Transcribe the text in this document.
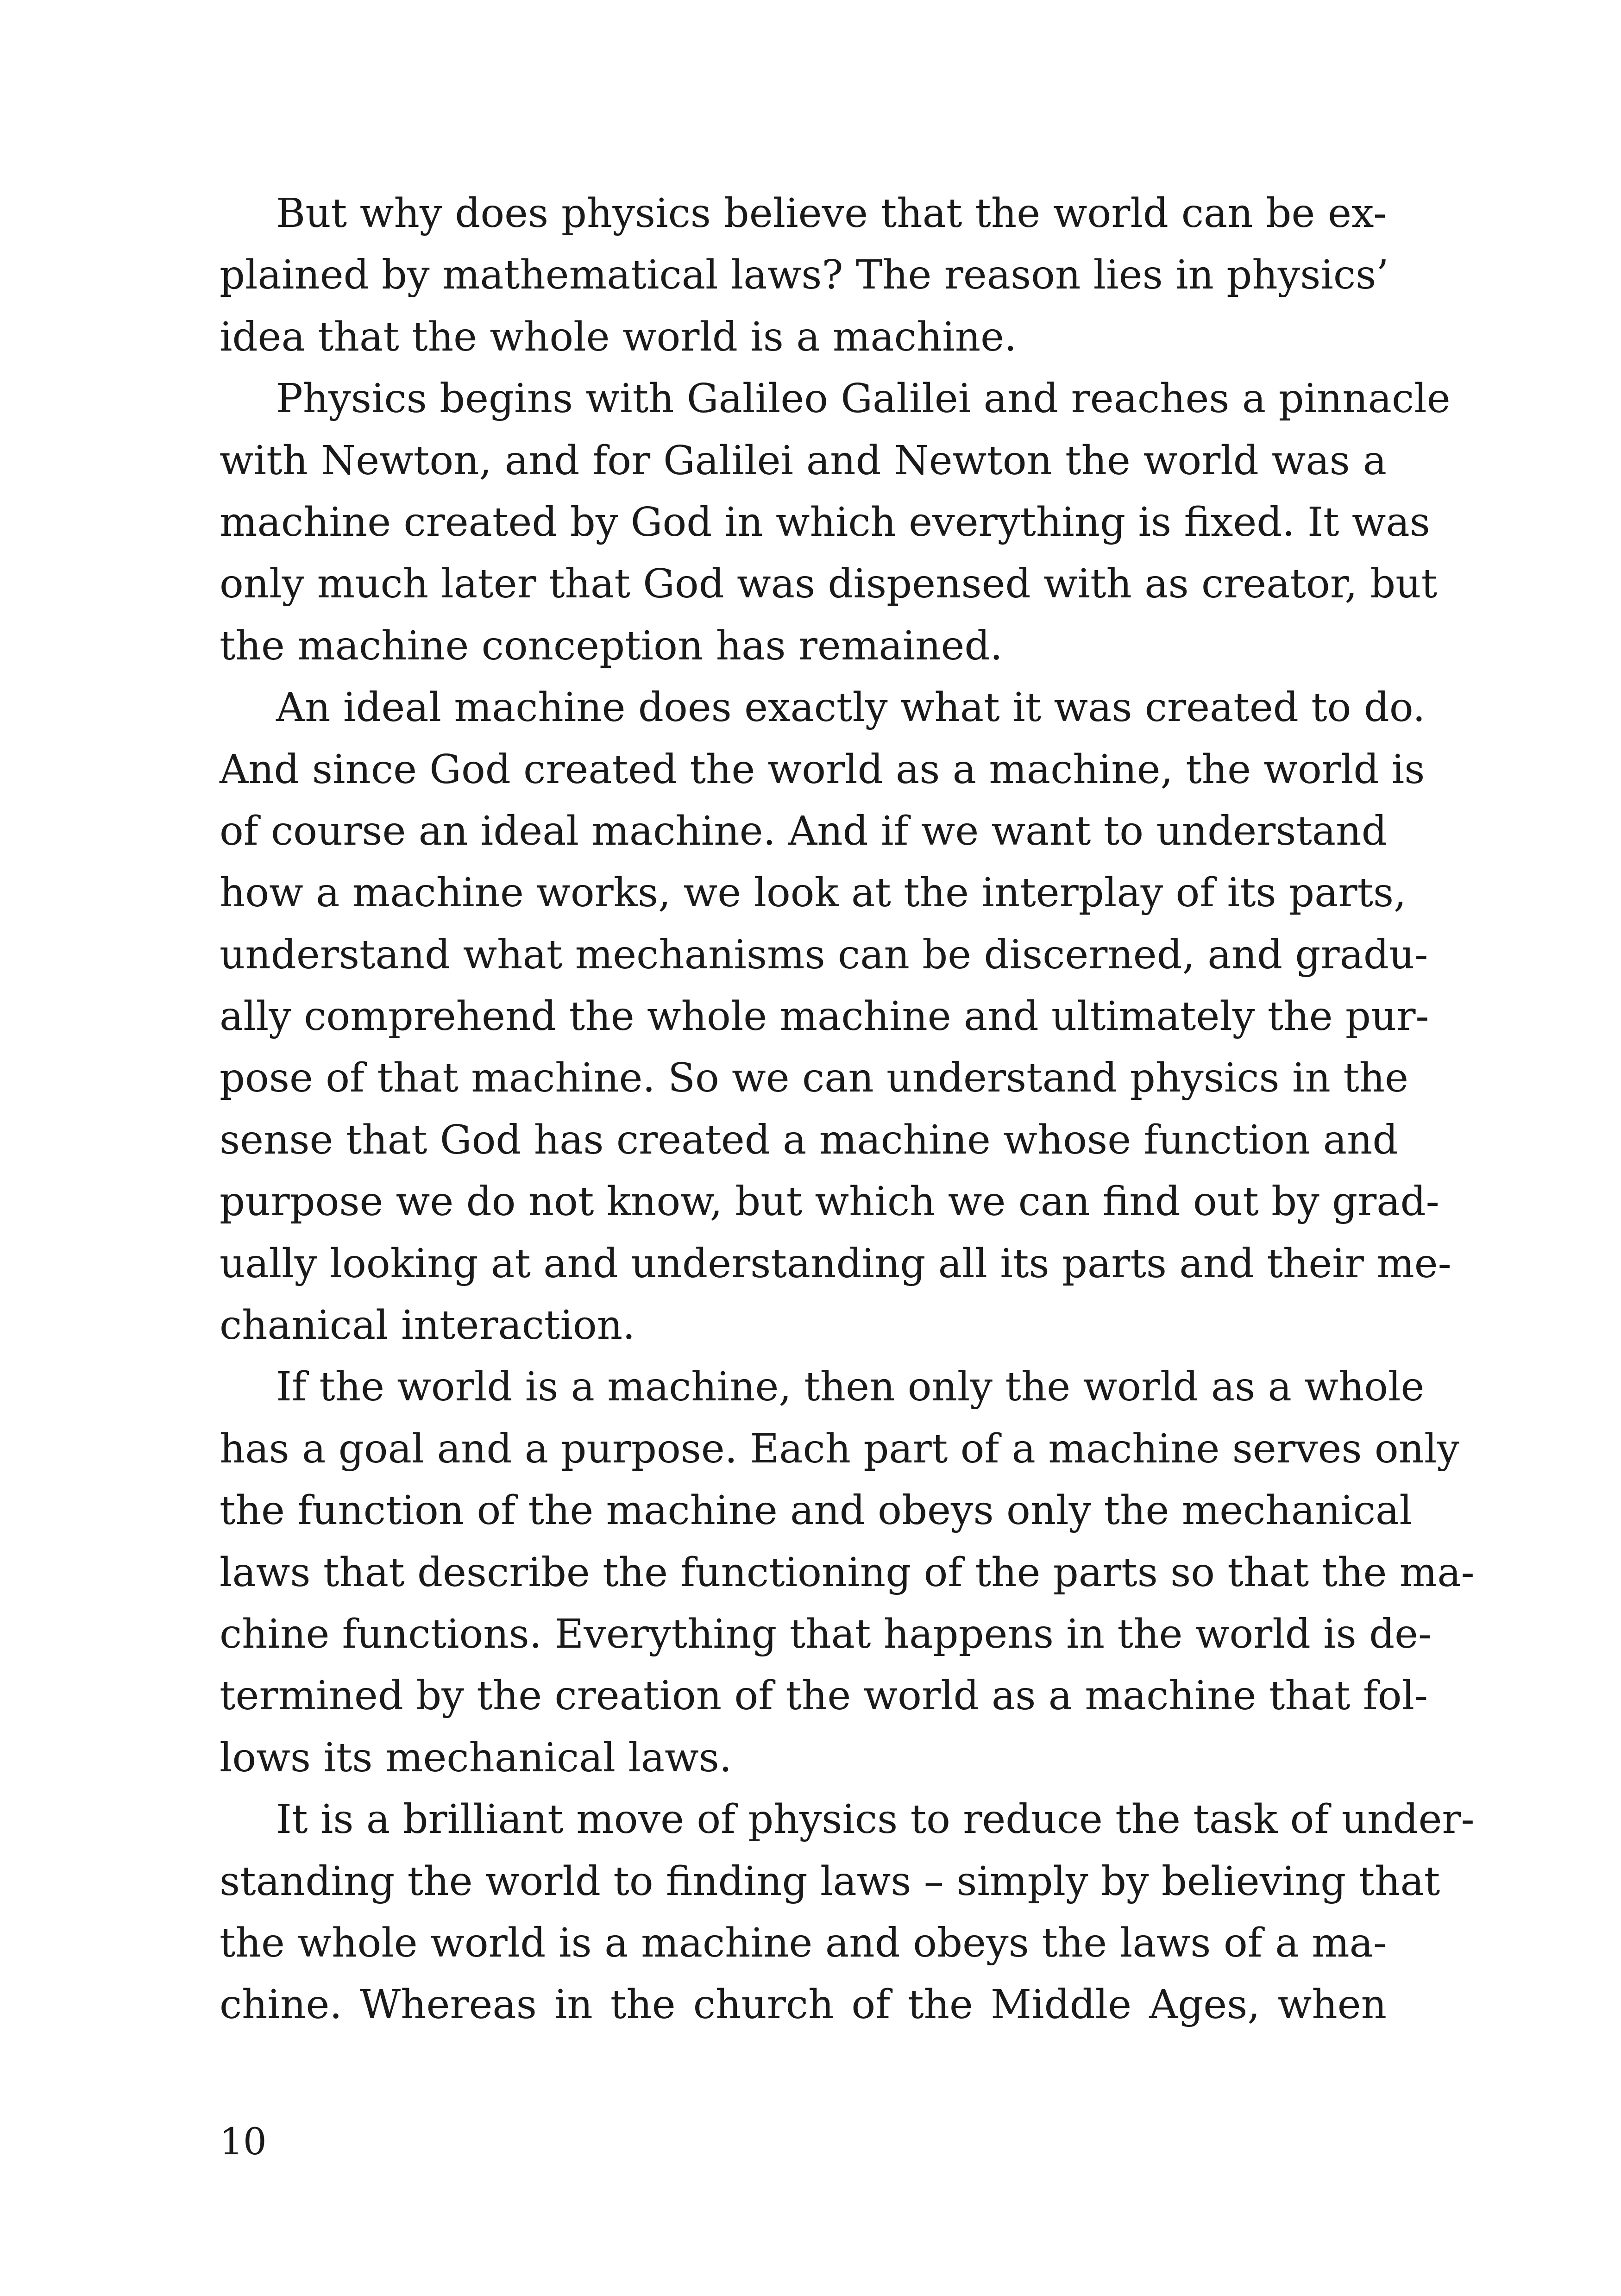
But why does physics believe that the world can be ex-
plained by mathematical laws? The reason lies in physics’
idea that the whole world is a machine.
Physics begins with Galileo Galilei and reaches a pinnacle
with Newton, and for Galilei and Newton the world was a
machine created by God in which everything is fixed. It was
only much later that God was dispensed with as creator, but
the machine conception has remained.
An ideal machine does exactly what it was created to do.
And since God created the world as a machine, the world is
of course an ideal machine. And if we want to understand
how a machine works, we look at the interplay of its parts,
understand what mechanisms can be discerned, and gradu-
ally comprehend the whole machine and ultimately the pur-
pose of that machine. So we can understand physics in the
sense that God has created a machine whose function and
purpose we do not know, but which we can find out by grad-
ually looking at and understanding all its parts and their me-
chanical interaction.
If the world is a machine, then only the world as a whole
has a goal and a purpose. Each part of a machine serves only
the function of the machine and obeys only the mechanical
laws that describe the functioning of the parts so that the ma-
chine functions. Everything that happens in the world is de-
termined by the creation of the world as a machine that fol-
lows its mechanical laws.
It is a brilliant move of physics to reduce the task of under-
standing the world to finding laws – simply by believing that
the whole world is a machine and obeys the laws of a ma-
chine. Whereas in the church of the Middle Ages, when
10
